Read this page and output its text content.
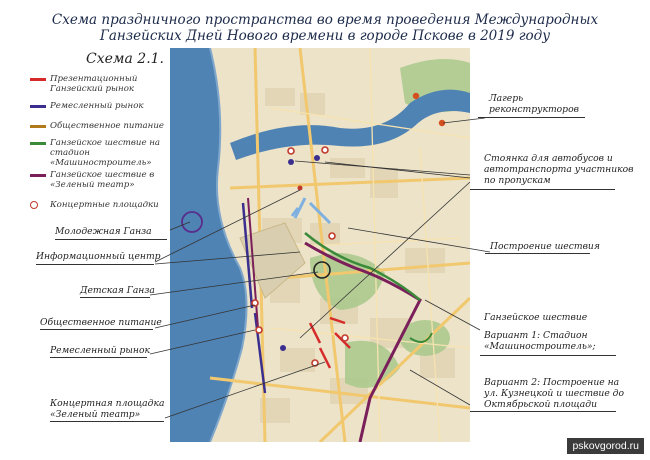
Схема праздничного пространства во время проведения Международных Ганзейских Дней Нового времени в городе Пскове в 2019 году
Схема 2.1.
Презентационный Ганзейский рынок
Ремесленный рынок
Общественное питание
Ганзейское шествие на стадион «Машиностроитель»
Ганзейское шествие в «Зеленый театр»
Концертные площадки
Молодежная Ганза
Информационный центр
Детская Ганза
Общественное питание
Ремесленный рынок
Концертная площадка «Зеленый театр»
Лагерь реконструкторов
Стоянка для автобусов и автотранспорта участников по пропускам
Построение шествия
Ганзейское шествие
Вариант 1: Стадион «Машиностроитель»;
Вариант 2: Построение на ул. Кузнецкой и шествие до Октябрьской площади
pskovgorod.ru
